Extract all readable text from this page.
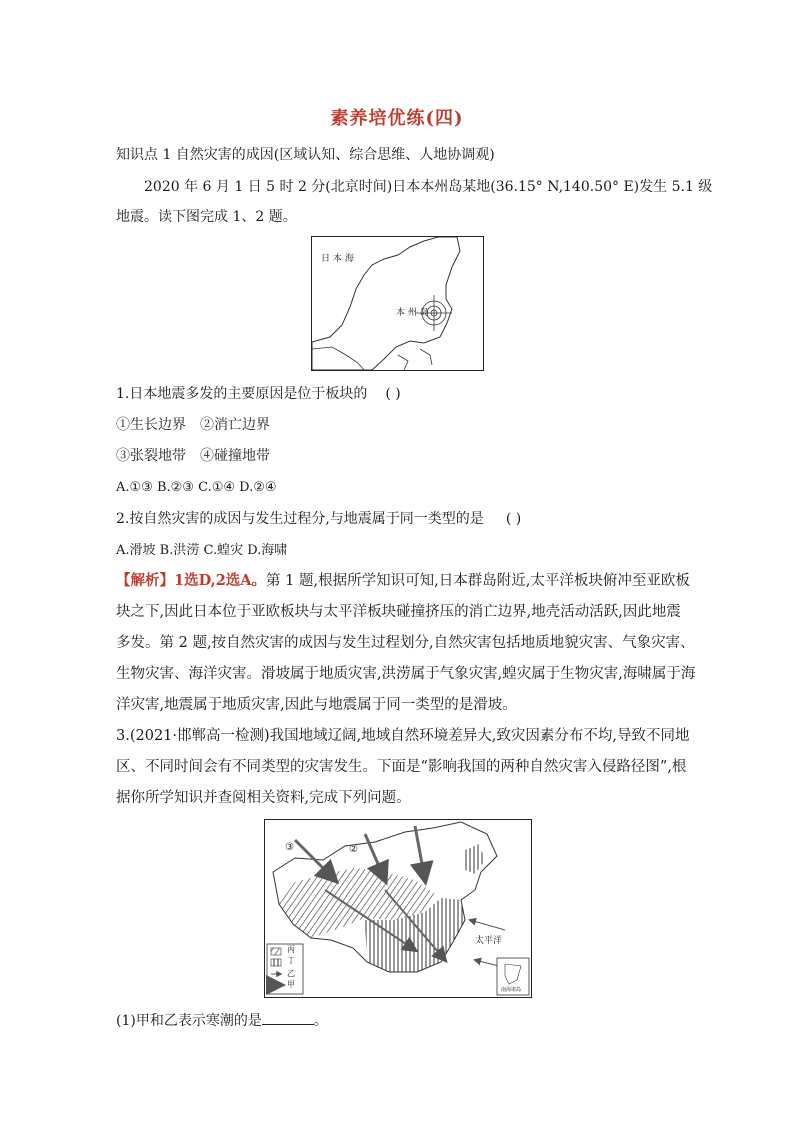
素养培优练(四)
知识点 1 自然灾害的成因(区域认知、综合思维、人地协调观)
2020 年 6 月 1 日 5 时 2 分(北京时间)日本本州岛某地(36.15° N,140.50° E)发生 5.1 级
地震。读下图完成 1、2 题。
日 本 海
本 州 岛
1.日本地震多发的主要原因是位于板块的 ( )
①生长边界 ②消亡边界
③张裂地带 ④碰撞地带
A.①③ B.②③ C.①④ D.②④
2.按自然灾害的成因与发生过程分,与地震属于同一类型的是 ( )
A.滑坡 B.洪涝 C.蝗灾 D.海啸
【解析】1选D,2选A。第 1 题,根据所学知识可知,日本群岛附近,太平洋板块俯冲至亚欧板
块之下,因此日本位于亚欧板块与太平洋板块碰撞挤压的消亡边界,地壳活动活跃,因此地震
多发。第 2 题,按自然灾害的成因与发生过程划分,自然灾害包括地质地貌灾害、气象灾害、
生物灾害、海洋灾害。滑坡属于地质灾害,洪涝属于气象灾害,蝗灾属于生物灾害,海啸属于海
洋灾害,地震属于地质灾害,因此与地震属于同一类型的是滑坡。
3.(2021·邯郸高一检测)我国地域辽阔,地域自然环境差异大,致灾因素分布不均,导致不同地
区、不同时间会有不同类型的灾害发生。下面是“影响我国的两种自然灾害入侵路径图”,根
据你所学知识并查阅相关资料,完成下列问题。
③	②
太平洋
丙
丁
乙
甲
南海诸岛
(1)甲和乙表示寒潮的是	。
